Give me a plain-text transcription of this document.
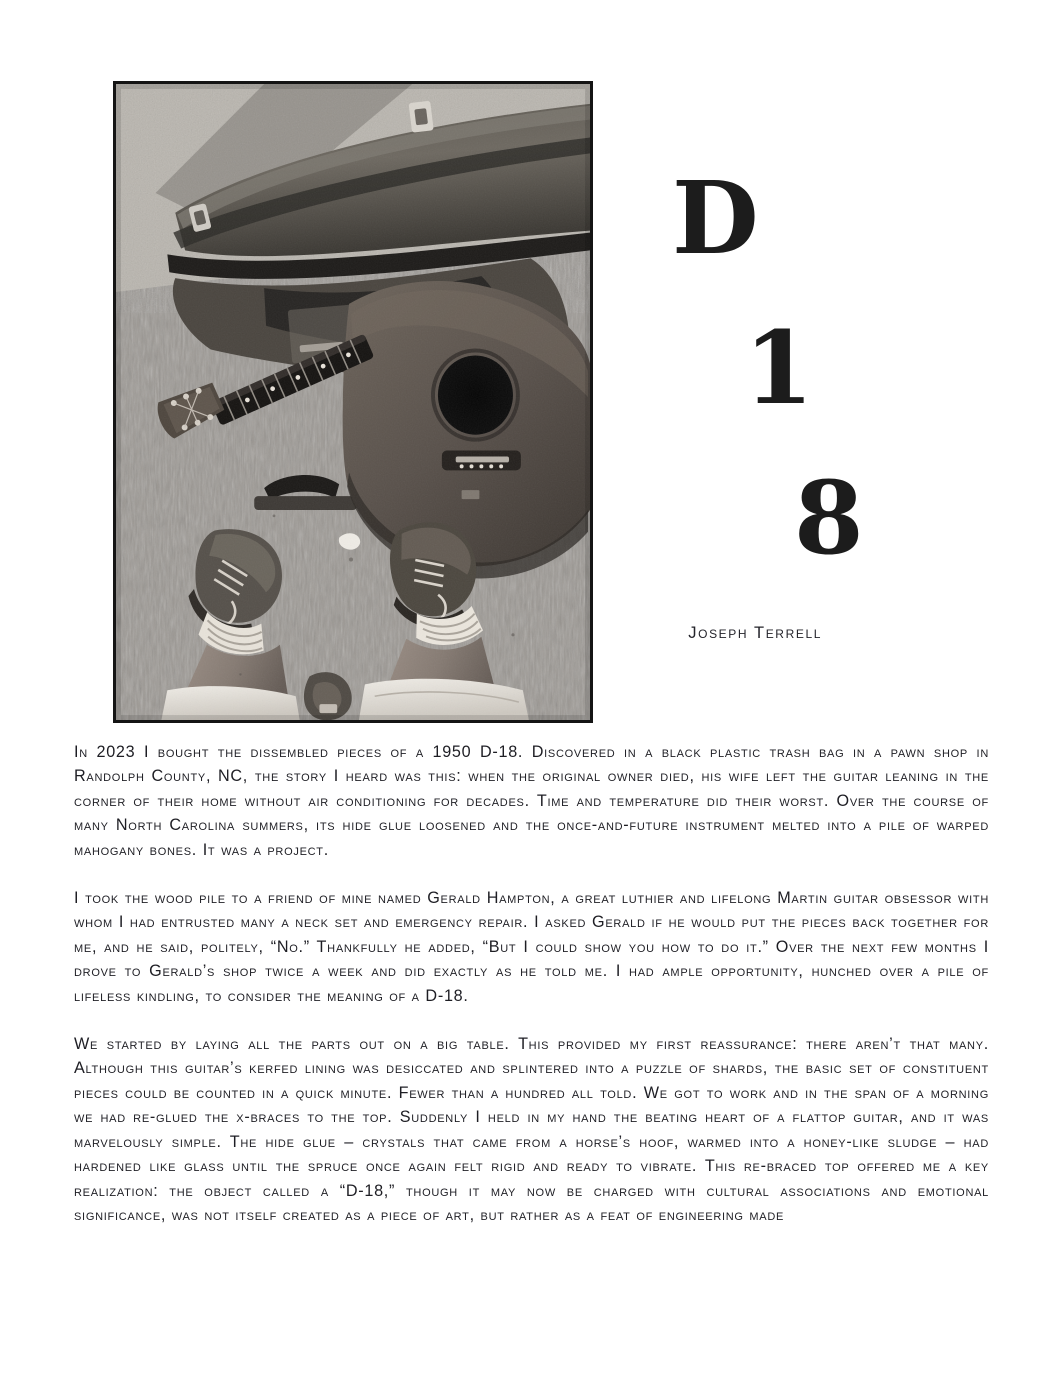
D
1
8
Joseph Terrell

In 2023 I bought the dissembled pieces of a 1950 D-18. Discovered in a black plastic trash bag in a pawn shop in Randolph County, NC, the story I heard was this: when the original owner died, his wife left the guitar leaning in the corner of their home without air conditioning for decades. Time and temperature did their worst. Over the course of many North Carolina summers, its hide glue loosened and the once-and-future instrument melted into a pile of warped mahogany bones. It was a project.

I took the wood pile to a friend of mine named Gerald Hampton, a great luthier and lifelong Martin guitar obsessor with whom I had entrusted many a neck set and emergency repair. I asked Gerald if he would put the pieces back together for me, and he said, politely, “No.” Thankfully he added, “But I could show you how to do it.” Over the next few months I drove to Gerald’s shop twice a week and did exactly as he told me. I had ample opportunity, hunched over a pile of lifeless kindling, to consider the meaning of a D-18.

We started by laying all the parts out on a big table. This provided my first reassurance: there aren’t that many. Although this guitar’s kerfed lining was desiccated and splintered into a puzzle of shards, the basic set of constituent pieces could be counted in a quick minute. Fewer than a hundred all told. We got to work and in the span of a morning we had re-glued the x-braces to the top. Suddenly I held in my hand the beating heart of a flattop guitar, and it was marvelously simple. The hide glue – crystals that came from a horse’s hoof, warmed into a honey-like sludge – had hardened like glass until the spruce once again felt rigid and ready to vibrate. This re-braced top offered me a key realization: the object called a “D-18,” though it may now be charged with cultural associations and emotional significance, was not itself created as a piece of art, but rather as a feat of engineering made
